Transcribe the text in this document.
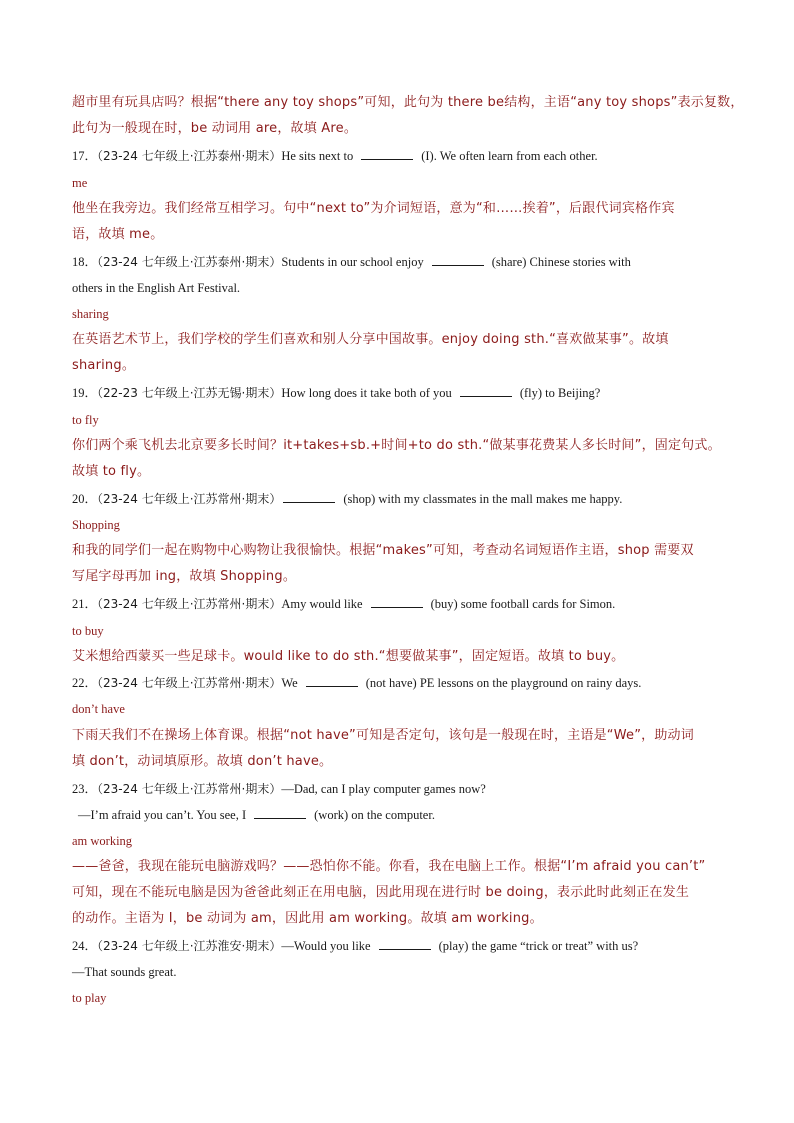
超市里有玩具店吗？根据“there any toy shops”可知，此句为 there be结构，主语“any toy shops”表示复数，
此句为一般现在时，be 动词用 are，故填 Are。
17．（23-24 七年级上·江苏泰州·期末）He sits next to	(I). We often learn from each other.
me
他坐在我旁边。我们经常互相学习。句中“next to”为介词短语，意为“和……挨着”，后跟代词宾格作宾
语，故填 me。
18．（23-24 七年级上·江苏泰州·期末）Students in our school enjoy	(share) Chinese stories with
others in the English Art Festival.
sharing
在英语艺术节上，我们学校的学生们喜欢和别人分享中国故事。enjoy doing sth.“喜欢做某事”。故填
sharing。
19．（22-23 七年级上·江苏无锡·期末）How long does it take both of you	(fly) to Beijing?
to fly
你们两个乘飞机去北京要多长时间？it+takes+sb.+时间+to do sth.“做某事花费某人多长时间”，固定句式。
故填 to fly。
20．（23-24 七年级上·江苏常州·期末）	(shop) with my classmates in the mall makes me happy.
Shopping
和我的同学们一起在购物中心购物让我很愉快。根据“makes”可知，考查动名词短语作主语，shop 需要双
写尾字母再加 ing，故填 Shopping。
21．（23-24 七年级上·江苏常州·期末）Amy would like	(buy) some football cards for Simon.
to buy
艾米想给西蒙买一些足球卡。would like to do sth.“想要做某事”，固定短语。故填 to buy。
22．（23-24 七年级上·江苏常州·期末）We	(not have) PE lessons on the playground on rainy days.
don’t have
下雨天我们不在操场上体育课。根据“not have”可知是否定句，该句是一般现在时，主语是“We”，助动词
填 don’t，动词填原形。故填 don’t have。
23．（23-24 七年级上·江苏常州·期末）—Dad, can I play computer games now?
—I’m afraid you can’t. You see, I	(work) on the computer.
am working
——爸爸，我现在能玩电脑游戏吗？——恐怕你不能。你看，我在电脑上工作。根据“I’m afraid you can’t”
可知，现在不能玩电脑是因为爸爸此刻正在用电脑，因此用现在进行时 be doing，表示此时此刻正在发生
的动作。主语为 I，be 动词为 am，因此用 am working。故填 am working。
24．（23-24 七年级上·江苏淮安·期末）—Would you like	(play) the game “trick or treat” with us?
—That sounds great.
to play
